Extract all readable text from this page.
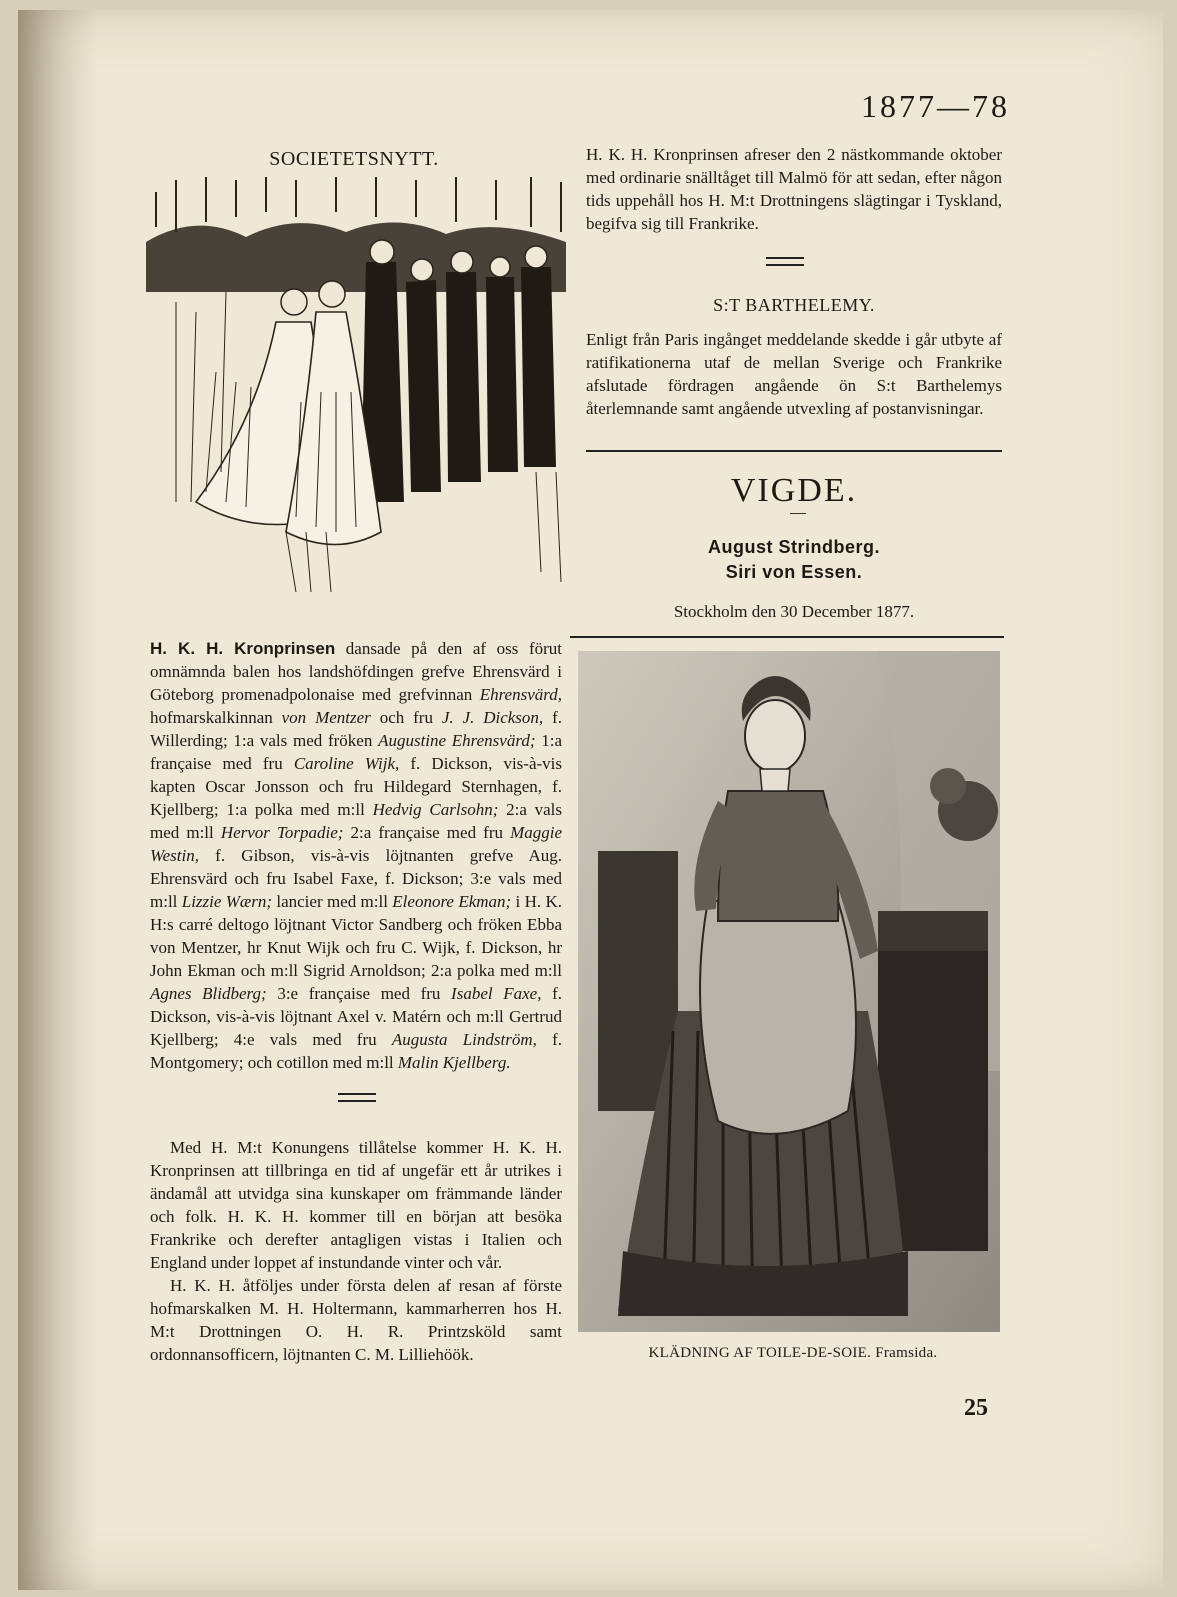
1877—78
SOCIETETSNYTT.	H. K. H. Kronprinsen afreser den 2 nästkommande oktober med ordinarie snälltåget till Malmö för att sedan, efter någon tids uppehåll hos H. M:t Drottningens slägtingar i Tyskland, begifva sig till Frankrike.
S:T BARTHELEMY.
Enligt från Paris ingånget meddelande skedde i går utbyte af ratifikationerna utaf de mellan Sverige och Frankrike afslutade fördragen angående ön S:t Barthelemys återlemnande samt angående utvexling af postanvisningar.
VIGDE.
August Strindberg.
Siri von Essen.
Stockholm den 30 December 1877.
H. K. H. Kronprinsen dansade på den af oss förut omnämnda balen hos landshöfdingen grefve Ehrensvärd i Göteborg promenadpolonaise med grefvinnan Ehrensvärd, hofmarskalkinnan von Mentzer och fru J. J. Dickson, f. Willerding; 1:a vals med fröken Augustine Ehrensvärd; 1:a française med fru Caroline Wijk, f. Dickson, vis-à-vis kapten Oscar Jonsson och fru Hildegard Sternhagen, f. Kjellberg; 1:a polka med m:ll Hedvig Carlsohn; 2:a vals med m:ll Hervor Torpadie; 2:a française med fru Maggie Westin, f. Gibson, vis-à-vis löjtnanten grefve Aug. Ehrensvärd och fru Isabel Faxe, f. Dickson; 3:e vals med m:ll Lizzie Wærn; lancier med m:ll Eleonore Ekman; i H. K. H:s carré deltogo löjtnant Victor Sandberg och fröken Ebba von Mentzer, hr Knut Wijk och fru C. Wijk, f. Dickson, hr John Ekman och m:ll Sigrid Arnoldson; 2:a polka med m:ll Agnes Blidberg; 3:e française med fru Isabel Faxe, f. Dickson, vis-à-vis löjtnant Axel v. Matérn och m:ll Gertrud Kjellberg; 4:e vals med fru Augusta Lindström, f. Montgomery; och cotillon med m:ll Malin Kjellberg.

Med H. M:t Konungens tillåtelse kommer H. K. H. Kronprinsen att tillbringa en tid af ungefär ett år utrikes i ändamål att utvidga sina kunskaper om främmande länder och folk. H. K. H. kommer till en början att besöka Frankrike och derefter antagligen vistas i Italien och England under loppet af instundande vinter och vår.

H. K. H. åtföljes under första delen af resan af förste hofmarskalken M. H. Holtermann, kammarherren hos H. M:t Drottningen O. H. R. Printzsköld samt ordonnansofficern, löjtnanten C. M. Lilliehöök.	KLÄDNING AF TOILE-DE-SOIE. Framsida.
25
